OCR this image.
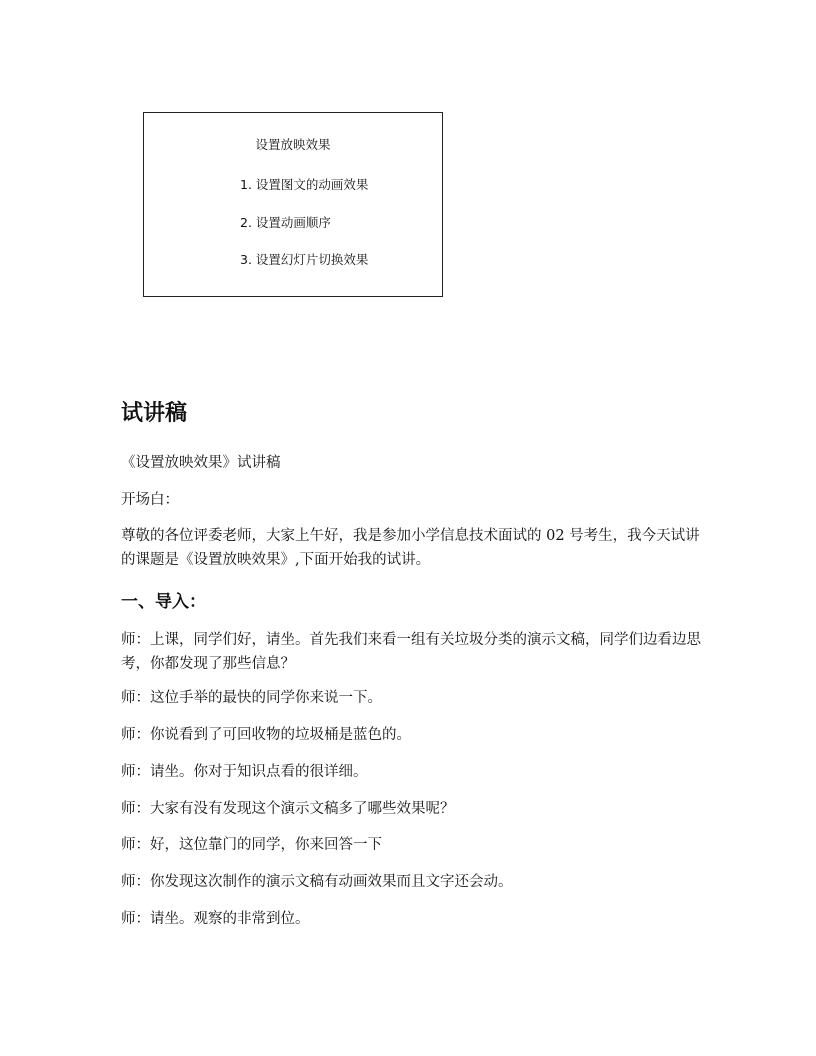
设置放映效果
1. 设置图文的动画效果
2. 设置动画顺序
3. 设置幻灯片切换效果
试讲稿

《设置放映效果》试讲稿

开场白：

尊敬的各位评委老师，大家上午好，我是参加小学信息技术面试的 02 号考生，我今天试讲的课题是《设置放映效果》,下面开始我的试讲。

一、导入：

师：上课，同学们好，请坐。首先我们来看一组有关垃圾分类的演示文稿，同学们边看边思考，你都发现了那些信息？

师：这位手举的最快的同学你来说一下。

师：你说看到了可回收物的垃圾桶是蓝色的。

师：请坐。你对于知识点看的很详细。

师：大家有没有发现这个演示文稿多了哪些效果呢？

师：好，这位靠门的同学，你来回答一下

师：你发现这次制作的演示文稿有动画效果而且文字还会动。

师：请坐。观察的非常到位。
